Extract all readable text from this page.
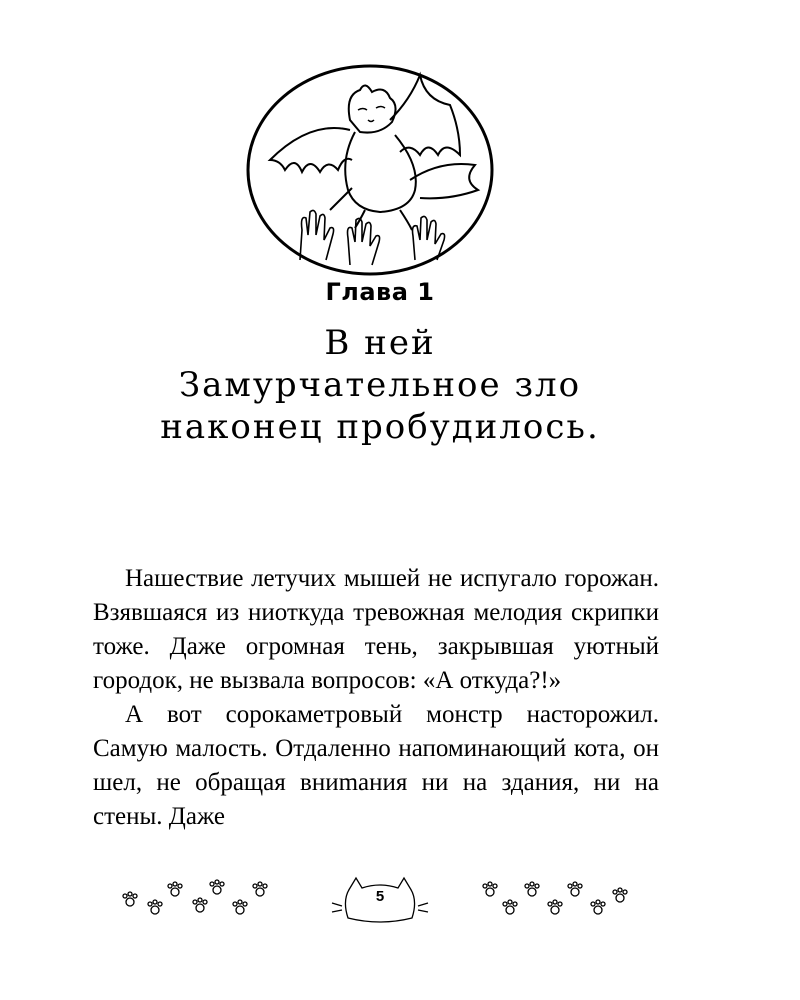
Глава 1
В ней
Замурчательное зло
наконец пробудилось.

Нашествие летучих мышей не испугало горожан. Взявшаяся из ниоткуда тревожная мелодия скрипки тоже. Даже огромная тень, закрывшая уютный городок, не вызвала вопросов: «А откуда?!»

А вот сорокаметровый монстр насторожил. Самую малость. Отдаленно напоминающий кота, он шел, не обращая вниmания ни на здания, ни на стены. Даже

5
